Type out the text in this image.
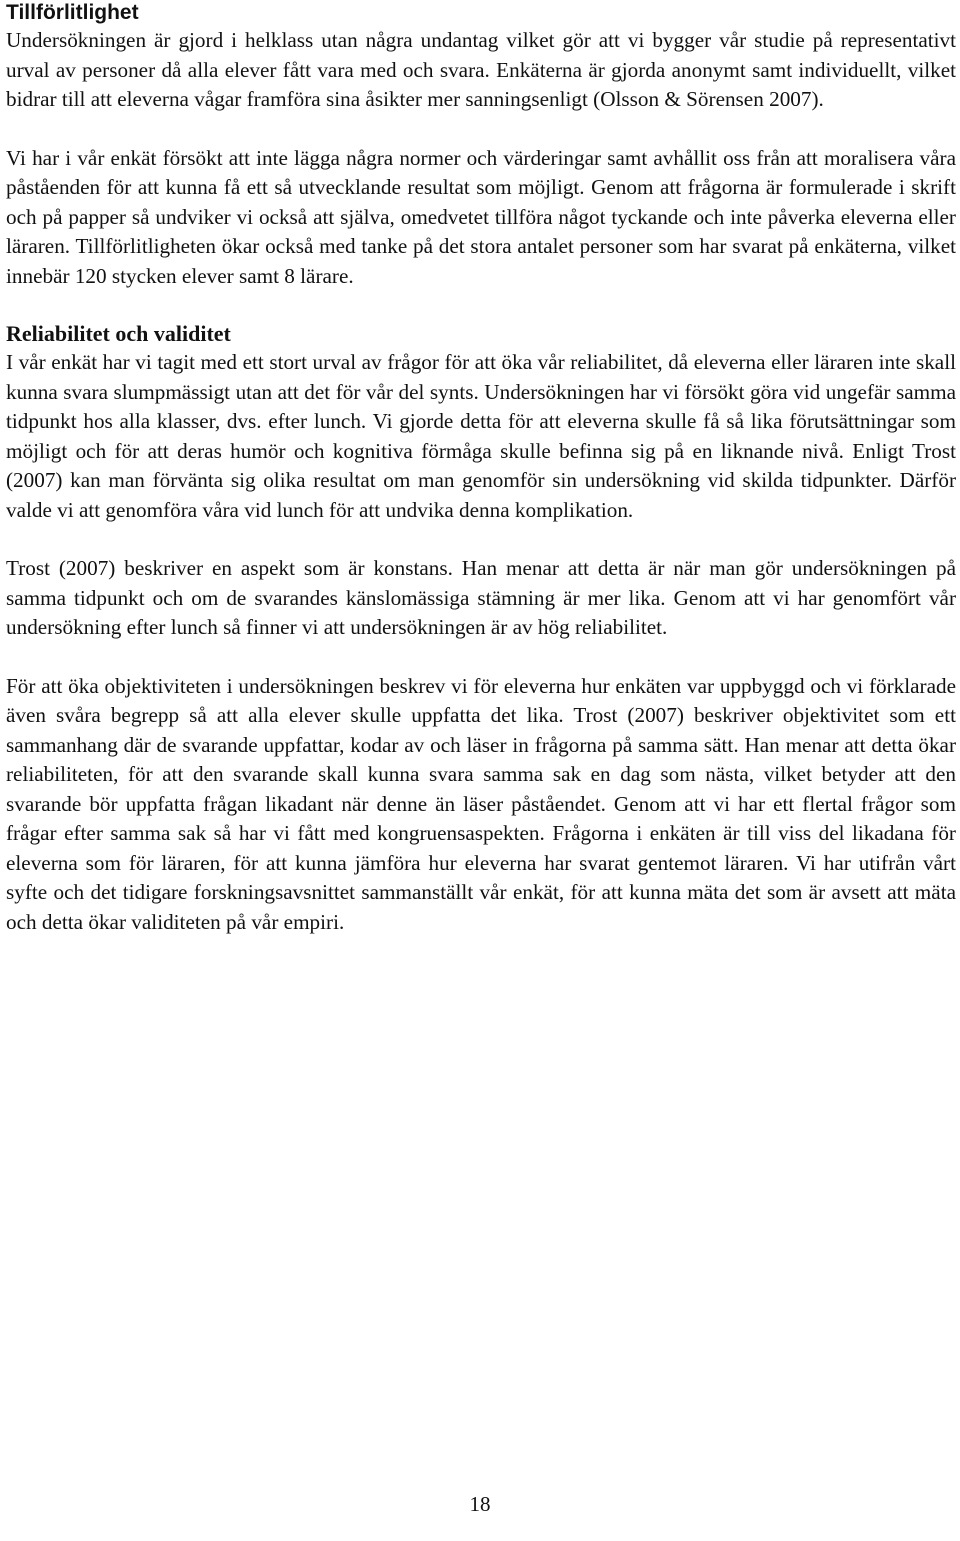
Tillförlitlighet

Undersökningen är gjord i helklass utan några undantag vilket gör att vi bygger vår studie på representativt urval av personer då alla elever fått vara med och svara. Enkäterna är gjorda anonymt samt individuellt, vilket bidrar till att eleverna vågar framföra sina åsikter mer sanningsenligt (Olsson & Sörensen 2007).

Vi har i vår enkät försökt att inte lägga några normer och värderingar samt avhållit oss från att moralisera våra påståenden för att kunna få ett så utvecklande resultat som möjligt. Genom att frågorna är formulerade i skrift och på papper så undviker vi också att själva, omedvetet tillföra något tyckande och inte påverka eleverna eller läraren. Tillförlitligheten ökar också med tanke på det stora antalet personer som har svarat på enkäterna, vilket innebär 120 stycken elever samt 8 lärare.

Reliabilitet och validitet

I vår enkät har vi tagit med ett stort urval av frågor för att öka vår reliabilitet, då eleverna eller läraren inte skall kunna svara slumpmässigt utan att det för vår del synts. Undersökningen har vi försökt göra vid ungefär samma tidpunkt hos alla klasser, dvs. efter lunch. Vi gjorde detta för att eleverna skulle få så lika förutsättningar som möjligt och för att deras humör och kognitiva förmåga skulle befinna sig på en liknande nivå. Enligt Trost (2007) kan man förvänta sig olika resultat om man genomför sin undersökning vid skilda tidpunkter. Därför valde vi att genomföra våra vid lunch för att undvika denna komplikation.

Trost (2007) beskriver en aspekt som är konstans. Han menar att detta är när man gör undersökningen på samma tidpunkt och om de svarandes känslomässiga stämning är mer lika. Genom att vi har genomfört vår undersökning efter lunch så finner vi att undersökningen är av hög reliabilitet.

För att öka objektiviteten i undersökningen beskrev vi för eleverna hur enkäten var uppbyggd och vi förklarade även svåra begrepp så att alla elever skulle uppfatta det lika. Trost (2007) beskriver objektivitet som ett sammanhang där de svarande uppfattar, kodar av och läser in frågorna på samma sätt. Han menar att detta ökar reliabiliteten, för att den svarande skall kunna svara samma sak en dag som nästa, vilket betyder att den svarande bör uppfatta frågan likadant när denne än läser påståendet. Genom att vi har ett flertal frågor som frågar efter samma sak så har vi fått med kongruensaspekten. Frågorna i enkäten är till viss del likadana för eleverna som för läraren, för att kunna jämföra hur eleverna har svarat gentemot läraren. Vi har utifrån vårt syfte och det tidigare forskningsavsnittet sammanställt vår enkät, för att kunna mäta det som är avsett att mäta och detta ökar validiteten på vår empiri.

18
